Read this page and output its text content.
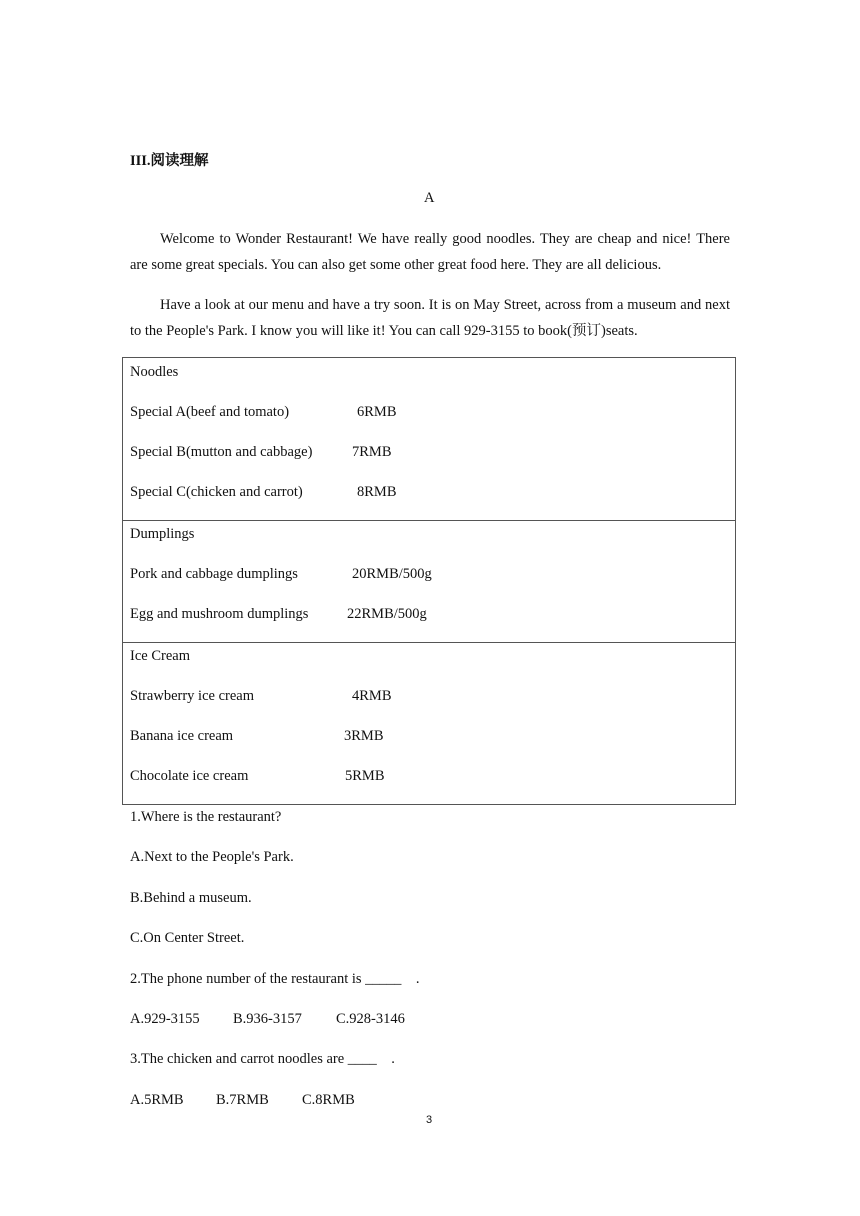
III.阅读理解
A
Welcome to Wonder Restaurant! We have really good noodles. They are cheap and nice! There are some great specials. You can also get some other great food here. They are all delicious.
Have a look at our menu and have a try soon. It is on May Street, across from a museum and next to the People's Park. I know you will like it! You can call 929-3155 to book(预订)seats.
Noodles
Special A(beef and tomato)	6RMB
Special B(mutton and cabbage)	7RMB
Special C(chicken and carrot)	8RMB
Dumplings
Pork and cabbage dumplings	20RMB/500g
Egg and mushroom dumplings	22RMB/500g
Ice Cream
Strawberry ice cream	4RMB
Banana ice cream	3RMB
Chocolate ice cream	5RMB
1.Where is the restaurant?
A.Next to the People's Park.
B.Behind a museum.
C.On Center Street.
2.The phone number of the restaurant is _____    .
A.929-3155 B.936-3157 C.928-3146
3.The chicken and carrot noodles are ____    .
A.5RMB B.7RMB C.8RMB
3
